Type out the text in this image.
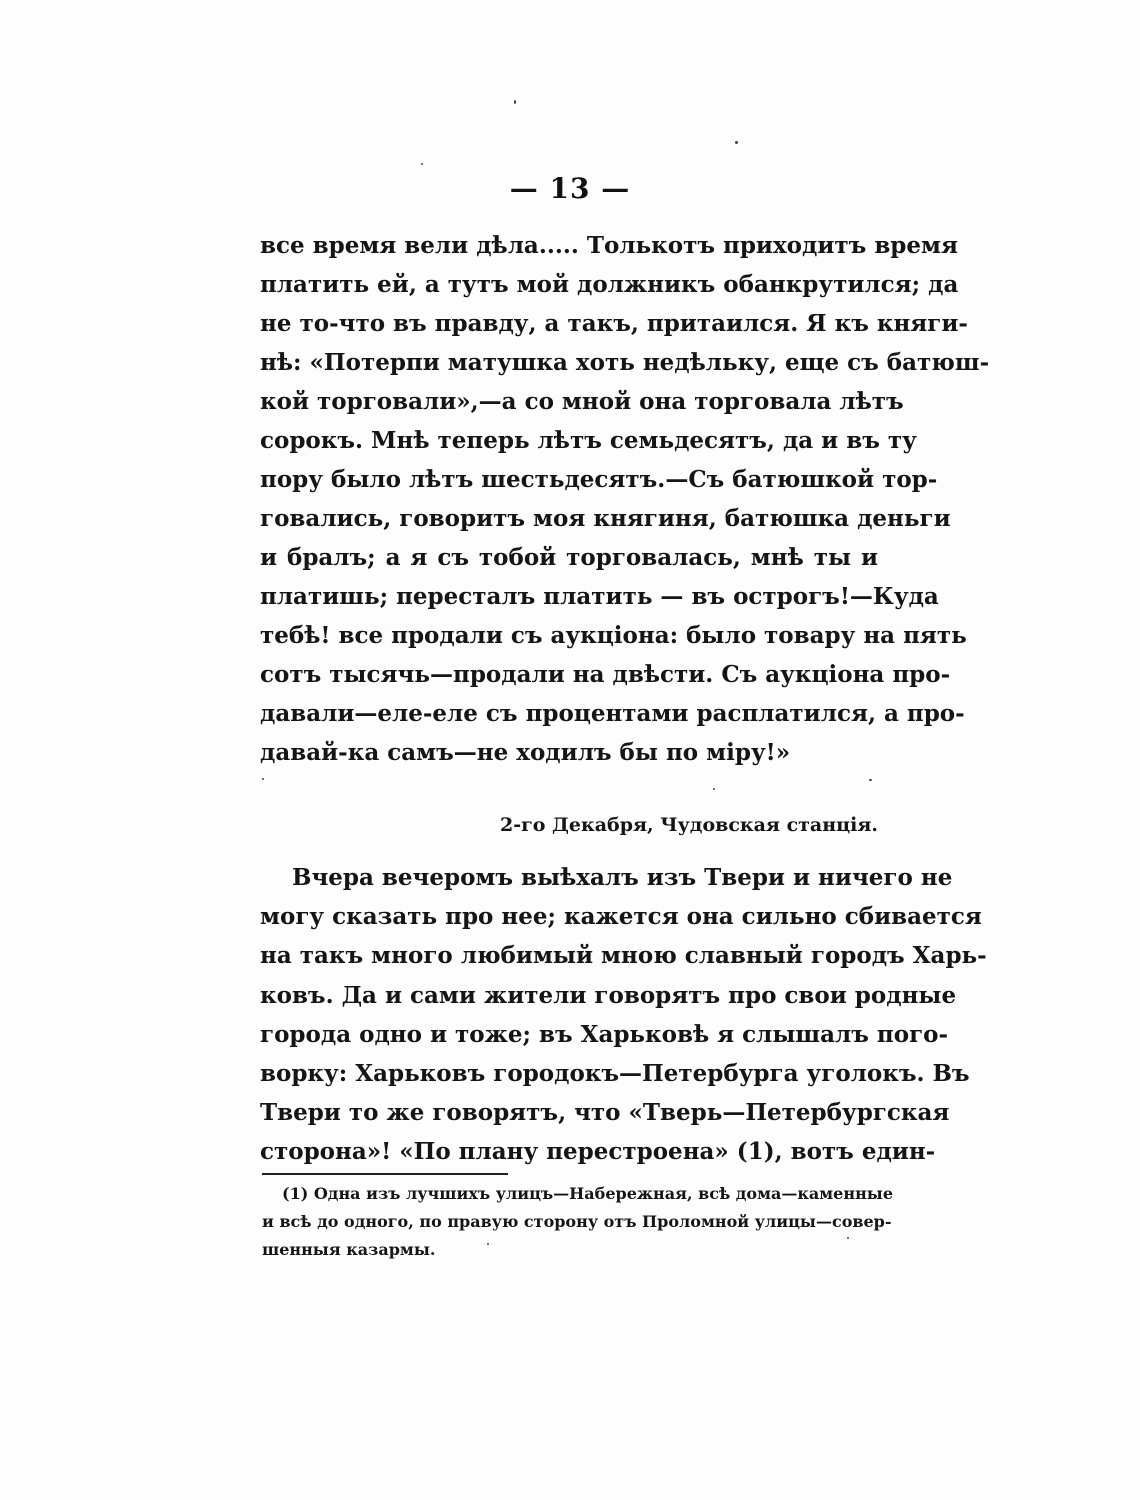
— 13 —
все время вели дѣла..... Толькотъ приходитъ время
платить ей, а тутъ мой должникъ обанкрутился; да
не то-что въ правду, а такъ, притаился. Я къ княги-
нѣ: «Потерпи матушка хоть недѣльку, еще съ батюш-
кой торговали»,—а со мной она торговала лѣтъ
сорокъ. Мнѣ теперь лѣтъ семьдесятъ, да и въ ту
пору было лѣтъ шестьдесятъ.—Съ батюшкой тор-
говались, говоритъ моя княгиня, батюшка деньги
и бралъ; а я съ тобой торговалась, мнѣ ты и
платишь; пересталъ платить — въ острогъ!—Куда
тебѣ! все продали съ аукціона: было товару на пять
сотъ тысячь—продали на двѣсти. Съ аукціона про-
давали—еле-еле съ процентами расплатился, а про-
давай-ка самъ—не ходилъ бы по міру!»
2-го Декабря, Чудовская станція.
Вчера вечеромъ выѣхалъ изъ Твери и ничего не
могу сказать про нее; кажется она сильно сбивается
на такъ много любимый мною славный городъ Харь-
ковъ. Да и сами жители говорятъ про свои родные
города одно и тоже; въ Харьковѣ я слышалъ пого-
ворку: Харьковъ городокъ—Петербурга уголокъ. Въ
Твери то же говорятъ, что «Тверь—Петербургская
сторона»! «По плану перестроена» (1), вотъ един-
(1) Одна изъ лучшихъ улицъ—Набережная, всѣ дома—каменные
и всѣ до одного, по правую сторону отъ Проломной улицы—совер-
шенныя казармы.
